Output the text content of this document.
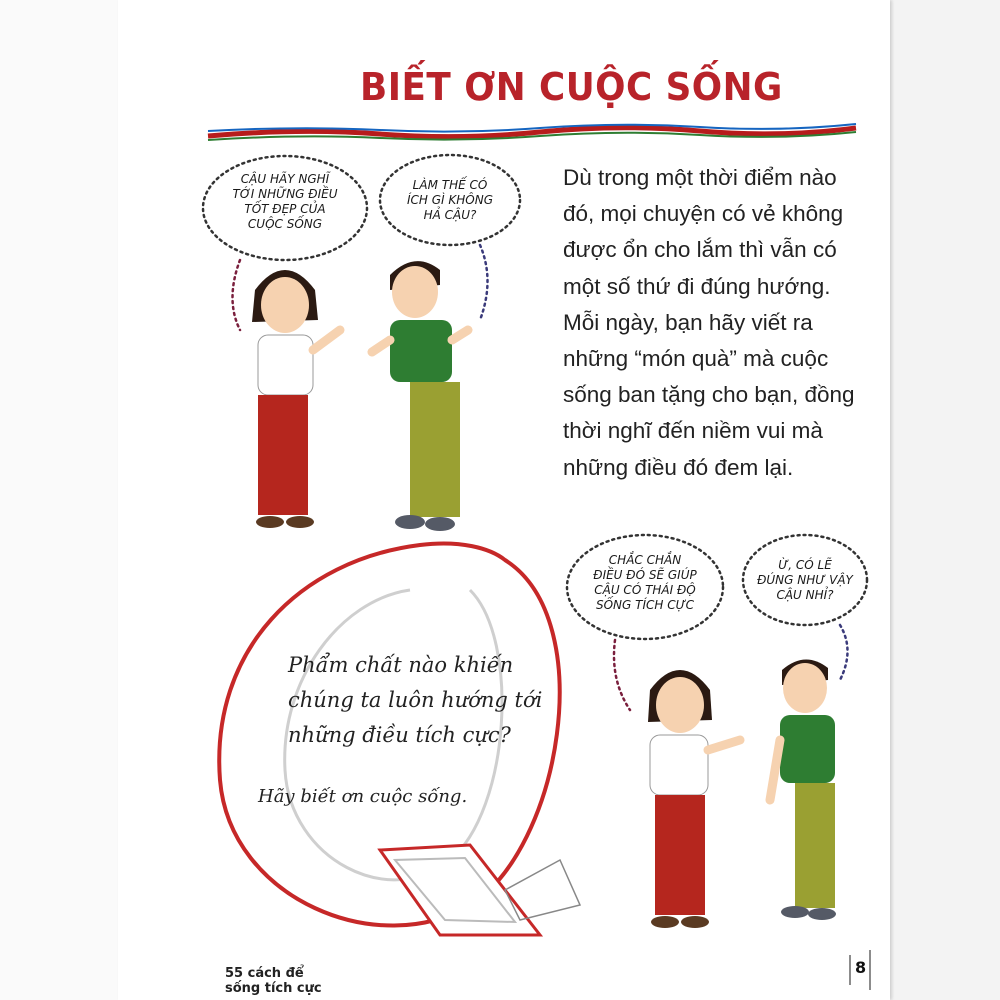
BIẾT ƠN CUỘC SỐNG
Dù trong một thời điểm nào
đó, mọi chuyện có vẻ không
được ổn cho lắm thì vẫn có
một số thứ đi đúng hướng.
Mỗi ngày, bạn hãy viết ra
những “món quà” mà cuộc
sống ban tặng cho bạn, đồng
thời nghĩ đến niềm vui mà
những điều đó đem lại.
CẬU HÃY NGHĨ
TỚI NHỮNG ĐIỀU
TỐT ĐẸP CỦA
CUỘC SỐNG
LÀM THẾ CÓ
ÍCH GÌ KHÔNG
HẢ CẬU?
CHẮC CHẮN
ĐIỀU ĐÓ SẼ GIÚP
CẬU CÓ THÁI ĐỘ
SỐNG TÍCH CỰC
Ừ, CÓ LẼ
ĐÚNG NHƯ VẬY
CẬU NHỈ?
Phẩm chất nào khiến
chúng ta luôn hướng tới
những điều tích cực?
Hãy biết ơn cuộc sống.
55 cách để
sống tích cực
8
